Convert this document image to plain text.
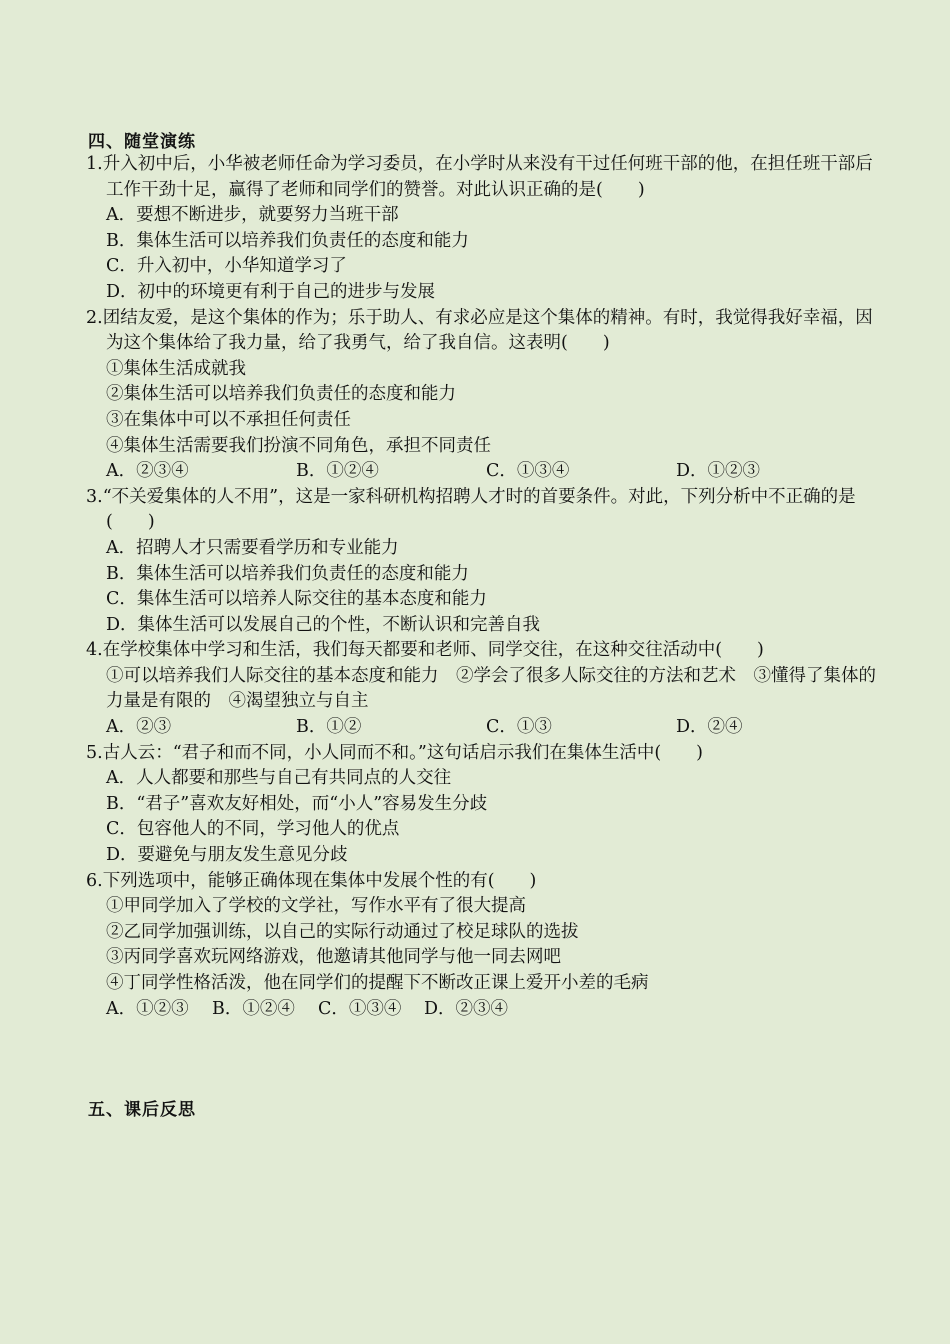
四、随堂演练
1.升入初中后，小华被老师任命为学习委员，在小学时从来没有干过任何班干部的他，在担任班干部后工作干劲十足，赢得了老师和同学们的赞誉。对此认识正确的是(　　)
A．要想不断进步，就要努力当班干部
B．集体生活可以培养我们负责任的态度和能力
C．升入初中，小华知道学习了
D．初中的环境更有利于自己的进步与发展
2.团结友爱，是这个集体的作为；乐于助人、有求必应是这个集体的精神。有时，我觉得我好幸福，因为这个集体给了我力量，给了我勇气，给了我自信。这表明(　　)
①集体生活成就我
②集体生活可以培养我们负责任的态度和能力
③在集体中可以不承担任何责任
④集体生活需要我们扮演不同角色，承担不同责任
A．②③④	B．①②④	C．①③④	D．①②③
3.“不关爱集体的人不用”，这是一家科研机构招聘人才时的首要条件。对此，下列分析中不正确的是(　　)
A．招聘人才只需要看学历和专业能力
B．集体生活可以培养我们负责任的态度和能力
C．集体生活可以培养人际交往的基本态度和能力
D．集体生活可以发展自己的个性，不断认识和完善自我
4.在学校集体中学习和生活，我们每天都要和老师、同学交往，在这种交往活动中(　　)
①可以培养我们人际交往的基本态度和能力　②学会了很多人际交往的方法和艺术　③懂得了集体的力量是有限的　④渴望独立与自主
A．②③	B．①②	C．①③	D．②④
5.古人云：“君子和而不同，小人同而不和。”这句话启示我们在集体生活中(　　)
A．人人都要和那些与自己有共同点的人交往
B．“君子”喜欢友好相处，而“小人”容易发生分歧
C．包容他人的不同，学习他人的优点
D．要避免与朋友发生意见分歧
6.下列选项中，能够正确体现在集体中发展个性的有(　　)
①甲同学加入了学校的文学社，写作水平有了很大提高
②乙同学加强训练，以自己的实际行动通过了校足球队的选拔
③丙同学喜欢玩网络游戏，他邀请其他同学与他一同去网吧
④丁同学性格活泼，他在同学们的提醒下不断改正课上爱开小差的毛病
A．①②③	B．①②④	C．①③④	D．②③④
五、课后反思
